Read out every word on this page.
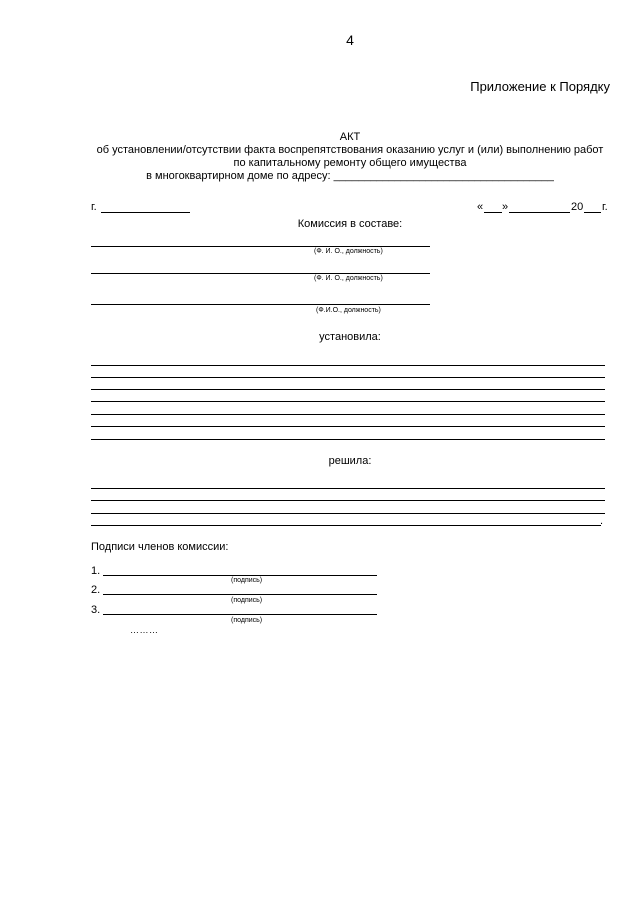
4
Приложение к Порядку
АКТ
об установлении/отсутствии факта воспрепятствования оказанию услуг и (или) выполнению работ
по капитальному ремонту общего имущества
в многоквартирном доме по адресу: ____________________________________
г.	« »	20 г.
Комиссия в составе:
(Ф. И. О., должность)
(Ф. И. О., должность)
(Ф.И.О., должность)
установила:
решила:
.
Подписи членов комиссии:
1.
(подпись)
2.
(подпись)
3.
(подпись)
………
